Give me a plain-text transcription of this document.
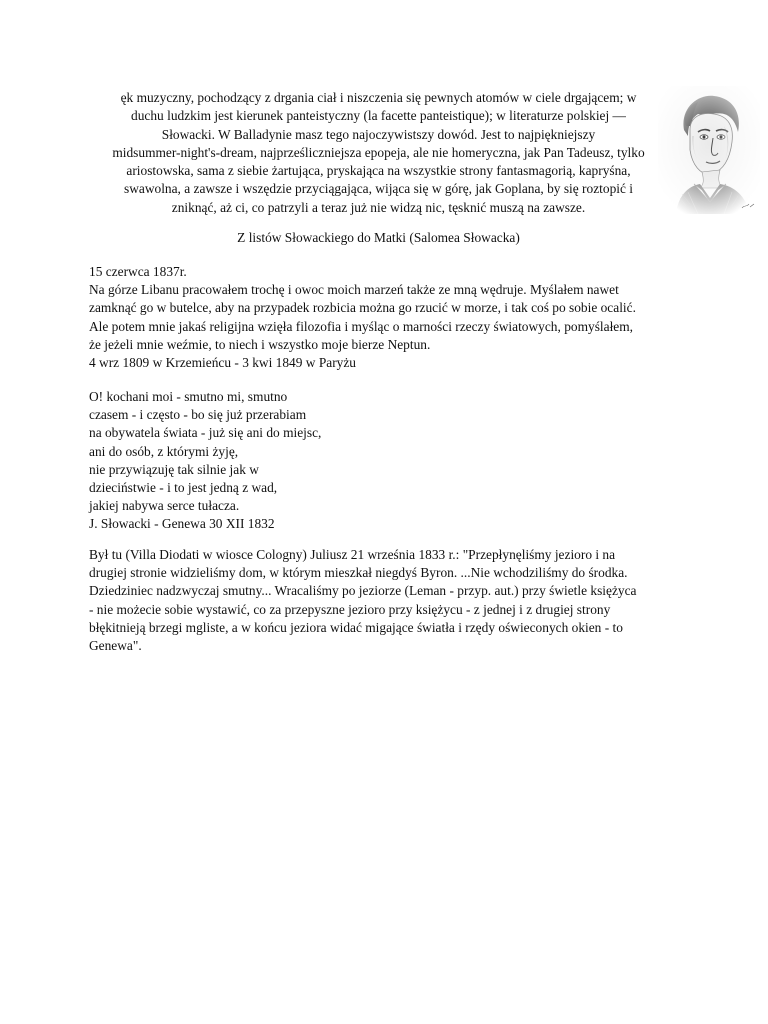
ęk muzyczny, pochodzący z drgania ciał i niszczenia się pewnych atomów w ciele drgającem; w
duchu ludzkim jest kierunek panteistyczny (la facette panteistique); w literaturze polskiej —
Słowacki. W Balladynie masz tego najoczywistszy dowód. Jest to najpiękniejszy
midsummer-night's-dream, najprześliczniejsza epopeja, ale nie homeryczna, jak Pan Tadeusz, tylko
ariostowska, sama z siebie żartująca, pryskająca na wszystkie strony fantasmagorią, kapryśna,
swawolna, a zawsze i wszędzie przyciągająca, wijąca się w górę, jak Goplana, by się roztopić i
zniknąć, aż ci, co patrzyli a teraz już nie widzą nic, tęsknić muszą na zawsze.

Z listów Słowackiego do Matki (Salomea Słowacka)

15 czerwca 1837r.
Na górze Libanu pracowałem trochę i owoc moich marzeń także ze mną wędruje. Myślałem nawet
zamknąć go w butelce, aby na przypadek rozbicia można go rzucić w morze, i tak coś po sobie ocalić.
Ale potem mnie jakaś religijna wzięła filozofia i myśląc o marności rzeczy światowych, pomyślałem,
że jeżeli mnie weźmie, to niech i wszystko moje bierze Neptun.
4 wrz 1809 w Krzemieńcu - 3 kwi 1849 w Paryżu
O! kochani moi - smutno mi, smutno
czasem - i często - bo się już przerabiam
na obywatela świata - już się ani do miejsc,
ani do osób, z którymi żyję,
nie przywiązuję tak silnie jak w
dzieciństwie - i to jest jedną z wad,
jakiej nabywa serce tułacza.
J. Słowacki - Genewa 30 XII 1832
Był tu (Villa Diodati w wiosce Cologny) Juliusz 21 września 1833 r.: "Przepłynęliśmy jezioro i na
drugiej stronie widzieliśmy dom, w którym mieszkał niegdyś Byron. ...Nie wchodziliśmy do środka.
Dziedziniec nadzwyczaj smutny... Wracaliśmy po jeziorze (Leman - przyp. aut.) przy świetle księżyca
- nie możecie sobie wystawić, co za przepyszne jezioro przy księżycu - z jednej i z drugiej strony
błękitnieją brzegi mgliste, a w końcu jeziora widać migające światła i rzędy oświeconych okien - to
Genewa".
